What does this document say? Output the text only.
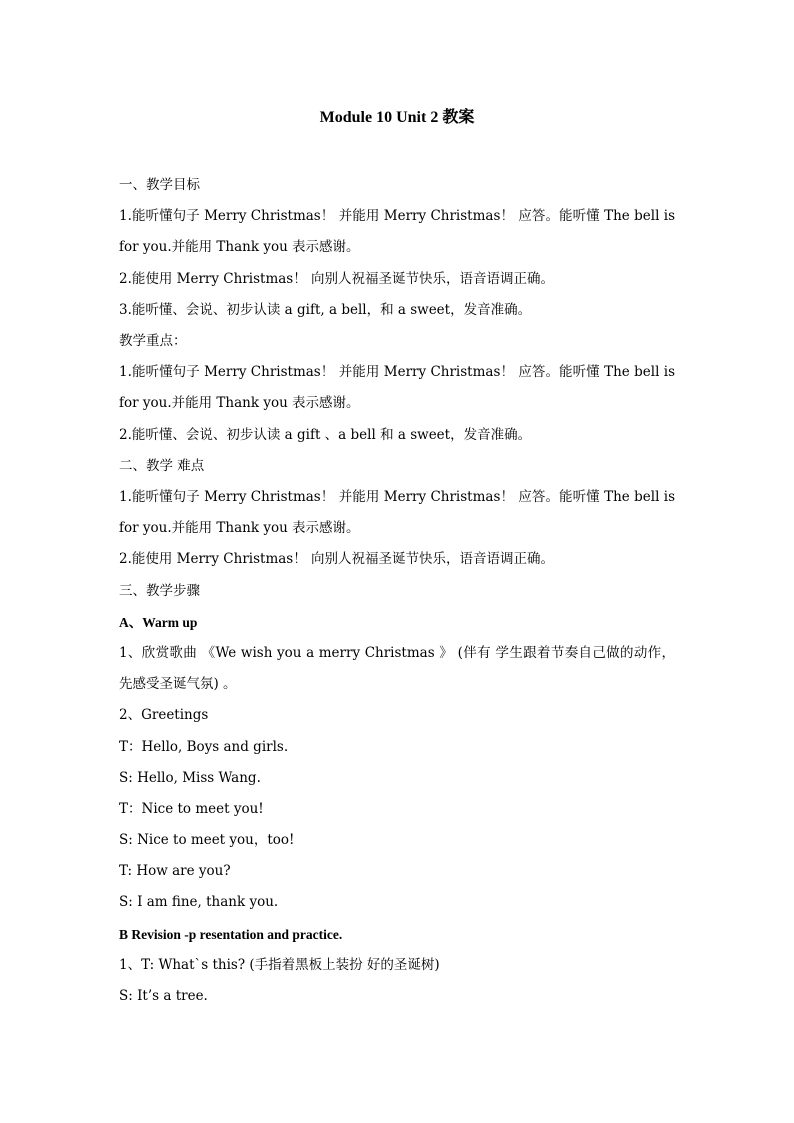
Module 10 Unit 2 教案
一、教学目标
1.能听懂句子 Merry Christmas！ 并能用 Merry Christmas！ 应答。能听懂 The bell is for you.并能用 Thank you 表示感谢。
2.能使用 Merry Christmas！ 向别人祝福圣诞节快乐，语音语调正确。
3.能听懂、会说、初步认读 a gift, a bell，和 a sweet，发音准确。
教学重点：
1.能听懂句子 Merry Christmas！ 并能用 Merry Christmas！ 应答。能听懂 The bell is for you.并能用 Thank you 表示感谢。
2.能听懂、会说、初步认读 a gift 、a bell 和 a sweet，发音准确。
二、教学 难点
1.能听懂句子 Merry Christmas！ 并能用 Merry Christmas！ 应答。能听懂 The bell is for you.并能用 Thank you 表示感谢。
2.能使用 Merry Christmas！ 向别人祝福圣诞节快乐，语音语调正确。
三、教学步骤
A、Warm up
1、欣赏歌曲 《We wish you a merry Christmas 》 (伴有 学生跟着节奏自己做的动作，先感受圣诞气氛) 。
2、Greetings
T：Hello, Boys and girls.
S: Hello, Miss Wang.
T：Nice to meet you!
S: Nice to meet you，too!
T: How are you?
S: I am fine, thank you.
B Revision -p resentation and practice.
1、T: What`s this? (手指着黑板上装扮 好的圣诞树)
S: It’s a tree.
